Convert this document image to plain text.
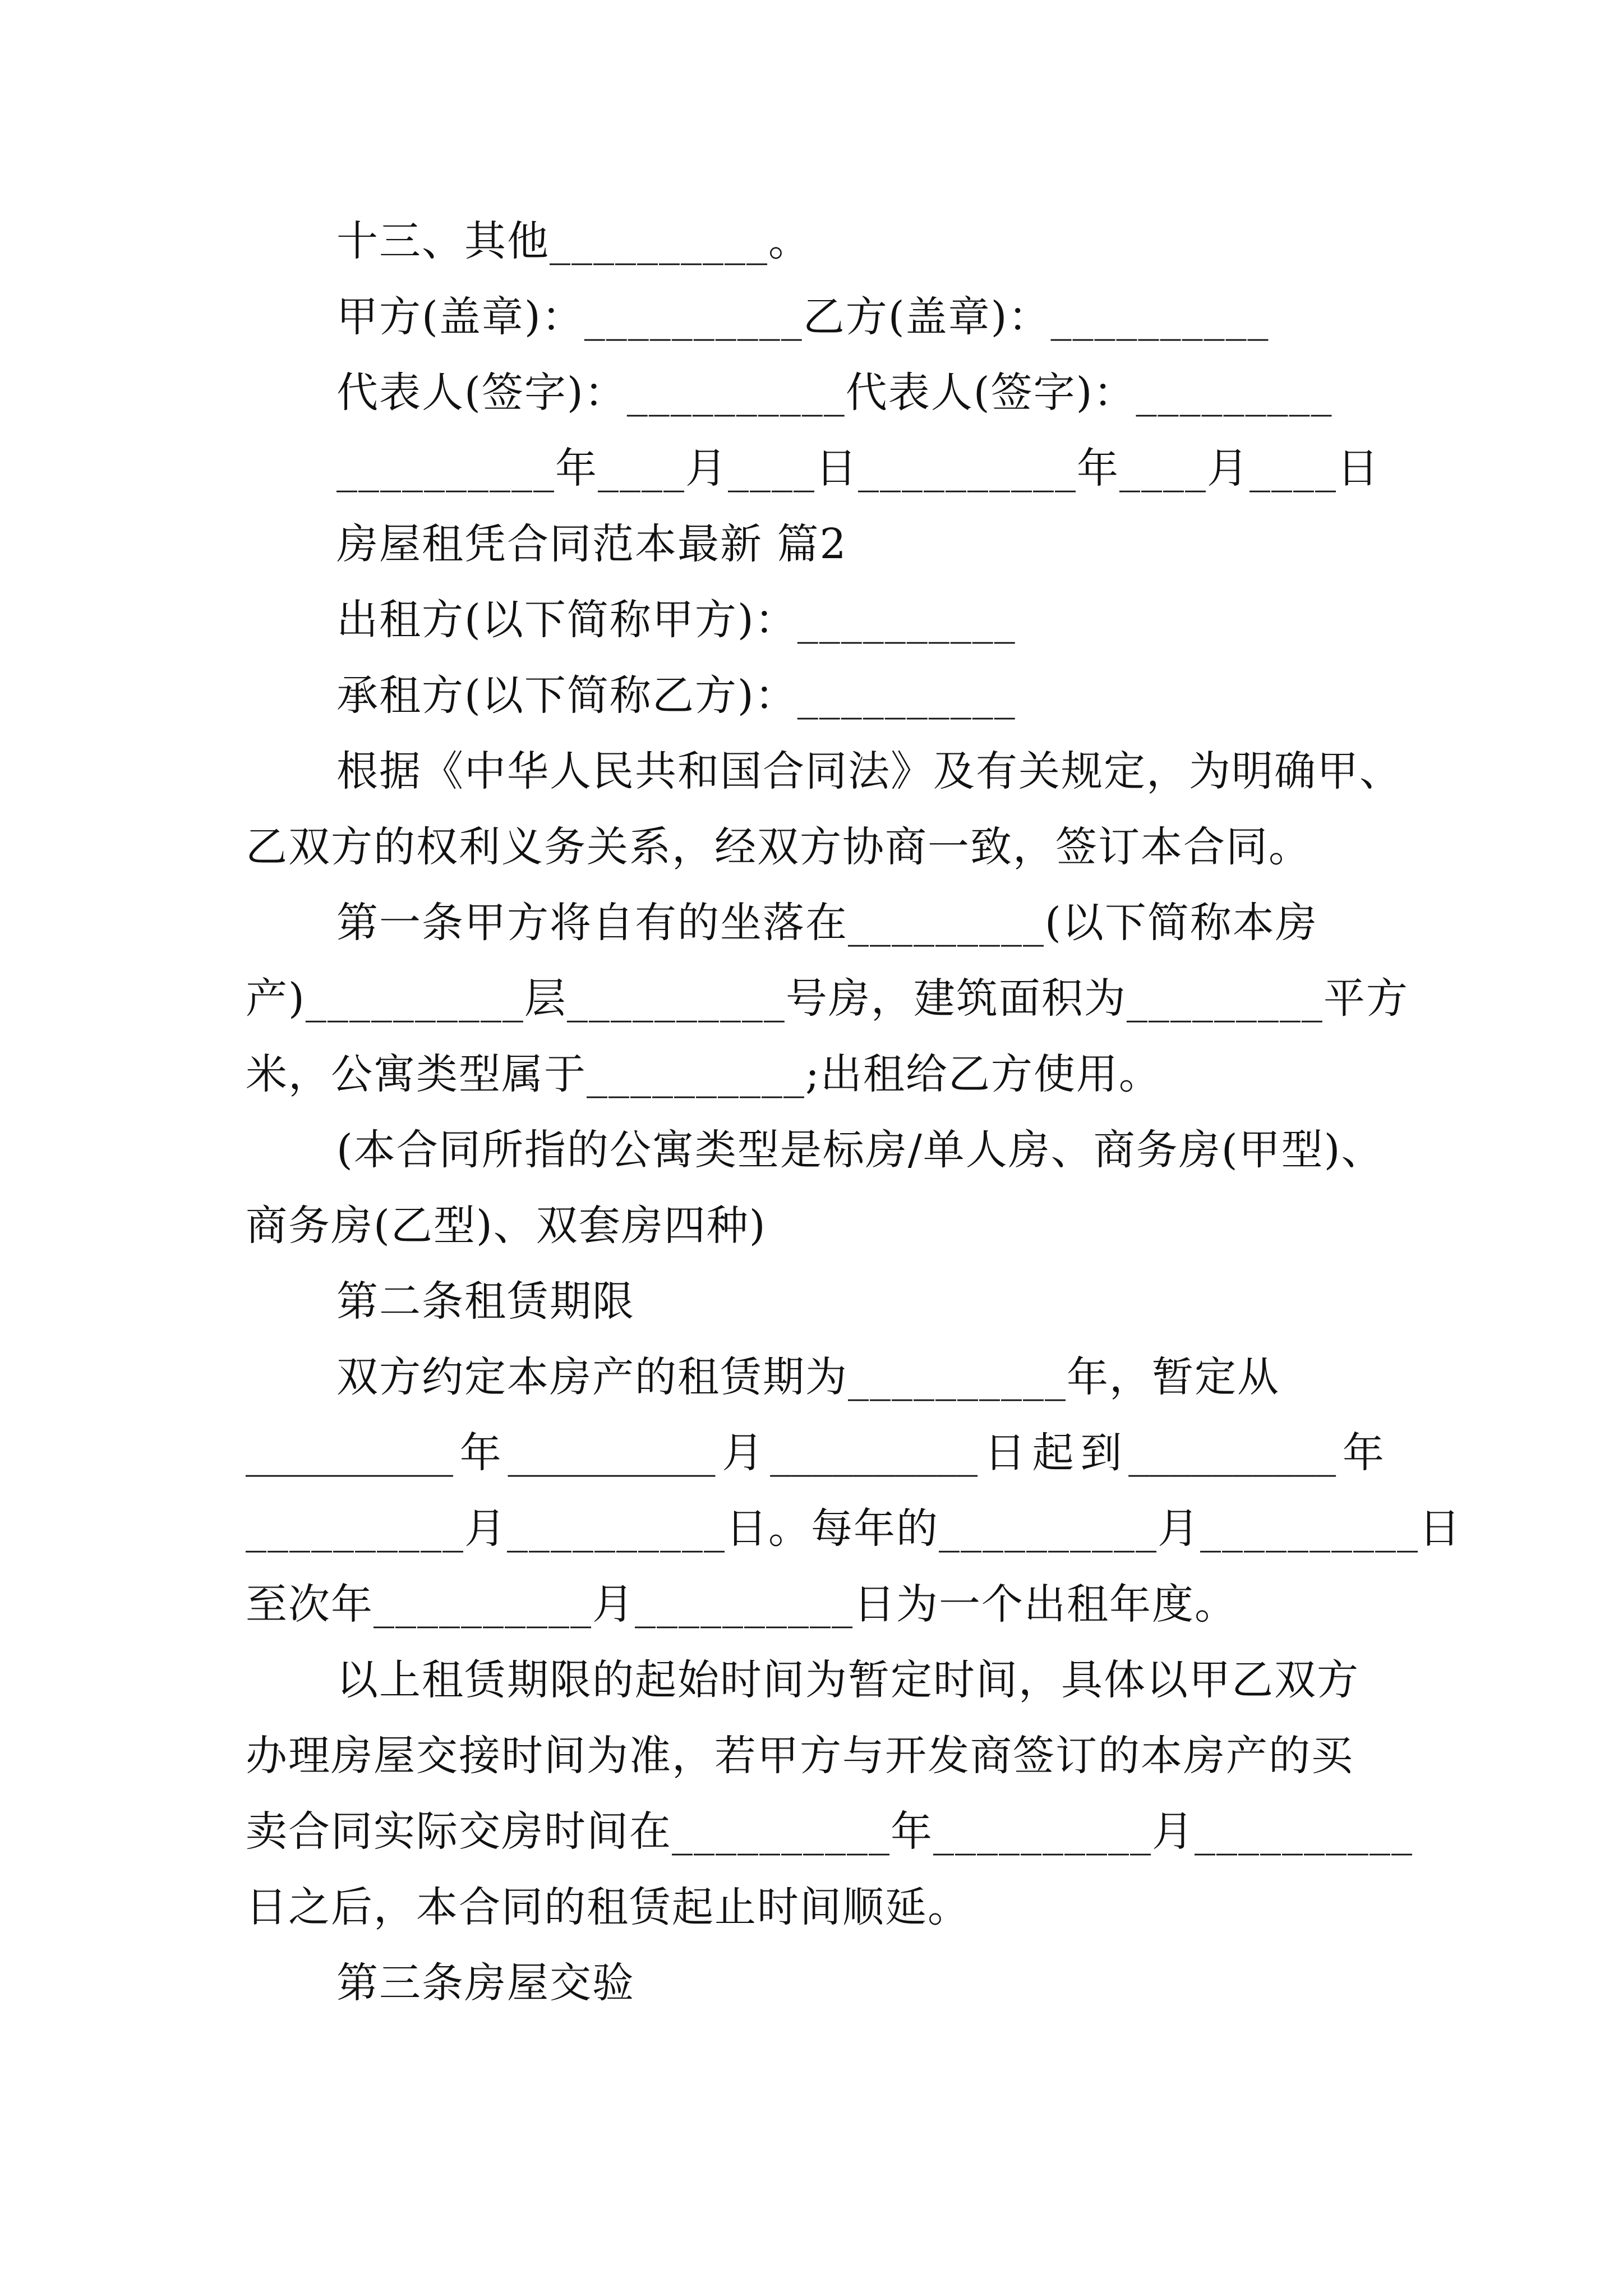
十三、其他__________。
甲方(盖章)：__________乙方(盖章)：__________
代表人(签字)：__________代表人(签字)：_________
__________年____月____日__________年____月____日
房屋租凭合同范本最新 篇2
出租方(以下简称甲方)：__________
承租方(以下简称乙方)：__________
根据《中华人民共和国合同法》及有关规定，为明确甲、
乙双方的权利义务关系，经双方协商一致，签订本合同。
第一条甲方将自有的坐落在_________(以下简称本房
产)__________层__________号房，建筑面积为_________平方
米，公寓类型属于__________;出租给乙方使用。
(本合同所指的公寓类型是标房/单人房、商务房(甲型)、
商务房(乙型)、双套房四种)
第二条租赁期限
双方约定本房产的租赁期为__________年，暂定从
__________ 年 __________ 月 __________ 日 起 到 __________ 年
__________月__________日。每年的__________月__________日
至次年__________月__________日为一个出租年度。
以上租赁期限的起始时间为暂定时间，具体以甲乙双方
办理房屋交接时间为准，若甲方与开发商签订的本房产的买
卖合同实际交房时间在__________年__________月__________
日之后，本合同的租赁起止时间顺延。
第三条房屋交验
